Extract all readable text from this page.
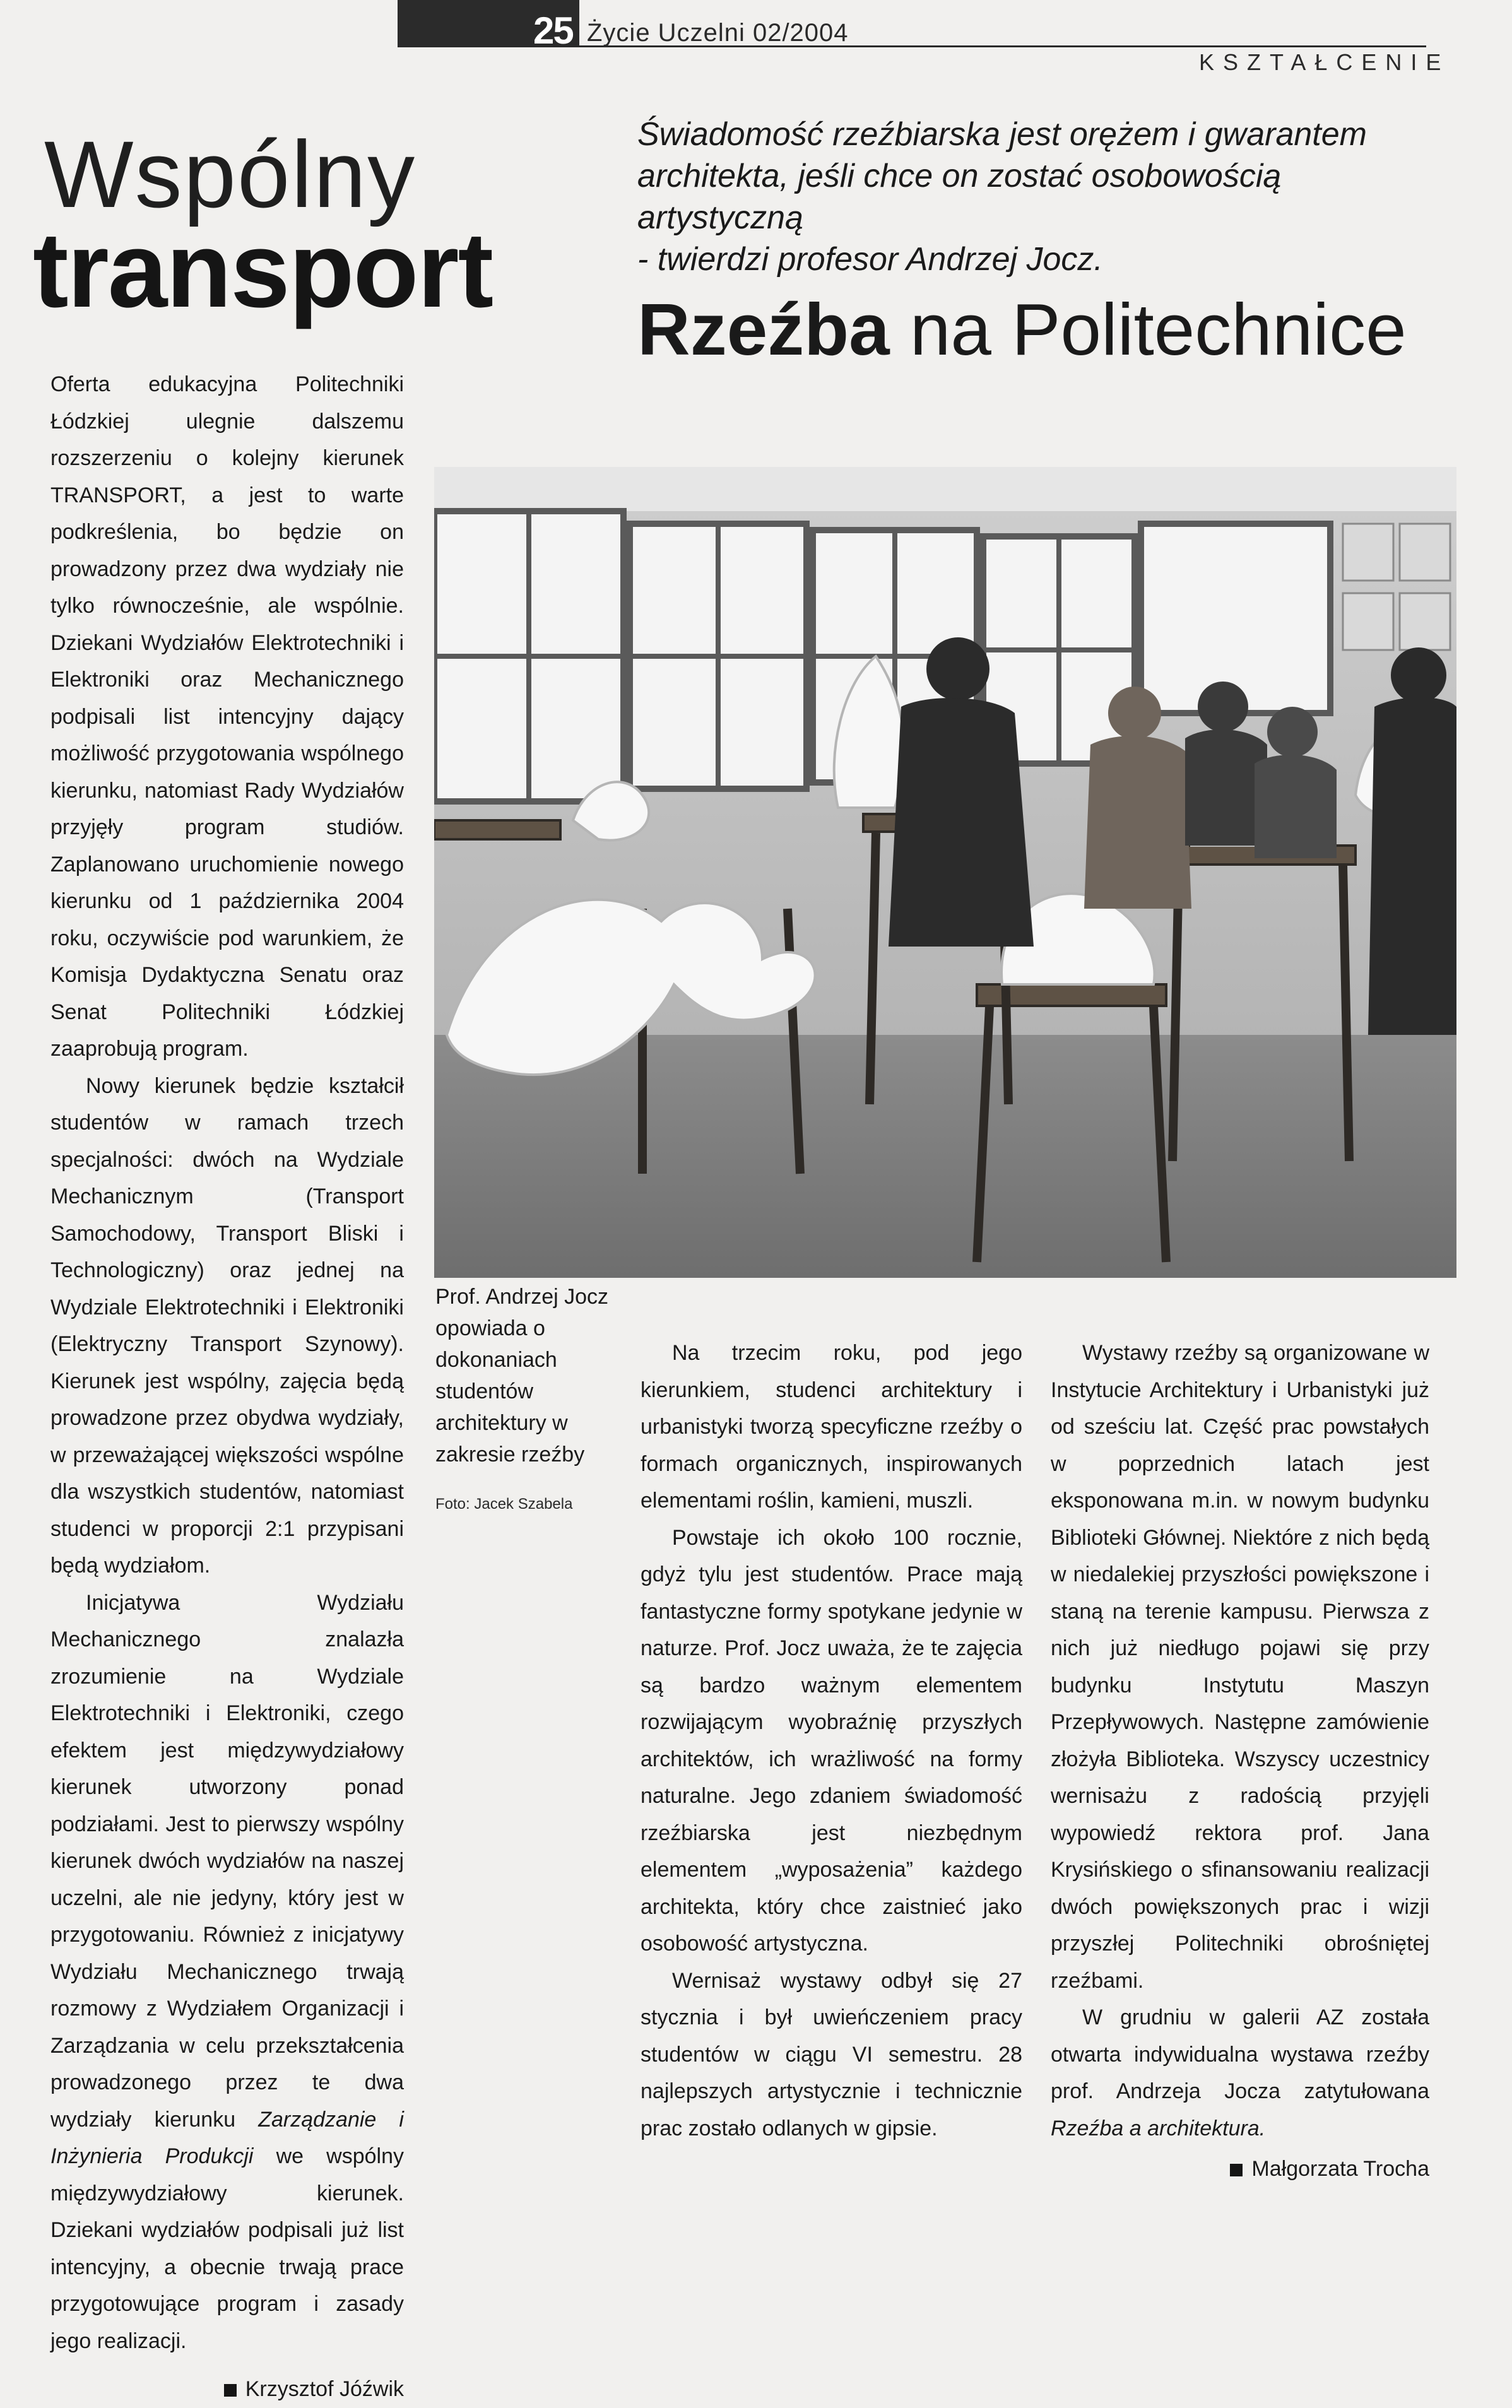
25 Życie Uczelni 02/2004
KSZTAŁCENIE
Wspólny
transport

Oferta edukacyjna Politechniki Łódzkiej ulegnie dalszemu rozszerzeniu o kolejny kierunek TRANSPORT, a jest to warte podkreślenia, bo będzie on prowadzony przez dwa wydziały nie tylko równocześnie, ale wspólnie. Dziekani Wydziałów Elektrotechniki i Elektroniki oraz Mechanicznego podpisali list intencyjny dający możliwość przygotowania wspólnego kierunku, natomiast Rady Wydziałów przyjęły program studiów. Zaplanowano uruchomienie nowego kierunku od 1 października 2004 roku, oczywiście pod warunkiem, że Komisja Dydaktyczna Senatu oraz Senat Politechniki Łódzkiej zaaprobują program.

Nowy kierunek będzie kształcił studentów w ramach trzech specjalności: dwóch na Wydziale Mechanicznym (Transport Samochodowy, Transport Bliski i Technologiczny) oraz jednej na Wydziale Elektrotechniki i Elektroniki (Elektryczny Transport Szynowy). Kierunek jest wspólny, zajęcia będą prowadzone przez obydwa wydziały, w przeważającej większości wspólne dla wszystkich studentów, natomiast studenci w proporcji 2:1 przypisani będą wydziałom.

Inicjatywa Wydziału Mechanicznego znalazła zrozumienie na Wydziale Elektrotechniki i Elektroniki, czego efektem jest międzywydziałowy kierunek utworzony ponad podziałami. Jest to pierwszy wspólny kierunek dwóch wydziałów na naszej uczelni, ale nie jedyny, który jest w przygotowaniu. Również z inicjatywy Wydziału Mechanicznego trwają rozmowy z Wydziałem Organizacji i Zarządzania w celu przekształcenia prowadzonego przez te dwa wydziały kierunku Zarządzanie i Inżynieria Produkcji we wspólny międzywydziałowy kierunek. Dziekani wydziałów podpisali już list intencyjny, a obecnie trwają prace przygotowujące program i zasady jego realizacji.

Krzysztof Jóźwik
Świadomość rzeźbiarska jest orężem i gwarantem architekta, jeśli chce on zostać osobowością artystyczną
- twierdzi profesor Andrzej Jocz.
Rzeźba na Politechnice
Prof. Andrzej Jocz opowiada o dokonaniach studentów architektury w zakresie rzeźby
Foto: Jacek Szabela

Na trzecim roku, pod jego kierunkiem, studenci architektury i urbanistyki tworzą specyficzne rzeźby o formach organicznych, inspirowanych elementami roślin, kamieni, muszli.

Powstaje ich około 100 rocznie, gdyż tylu jest studentów. Prace mają fantastyczne formy spotykane jedynie w naturze. Prof. Jocz uważa, że te zajęcia są bardzo ważnym elementem rozwijającym wyobraźnię przyszłych architektów, ich wrażliwość na formy naturalne. Jego zdaniem świadomość rzeźbiarska jest niezbędnym elementem „wyposażenia” każdego architekta, który chce zaistnieć jako osobowość artystyczna.

Wernisaż wystawy odbył się 27 stycznia i był uwieńczeniem pracy studentów w ciągu VI semestru. 28 najlepszych artystycznie i technicznie prac zostało odlanych w gipsie.

Wystawy rzeźby są organizowane w Instytucie Architektury i Urbanistyki już od sześciu lat. Część prac powstałych w poprzednich latach jest eksponowana m.in. w nowym budynku Biblioteki Głównej. Niektóre z nich będą w niedalekiej przyszłości powiększone i staną na terenie kampusu. Pierwsza z nich już niedługo pojawi się przy budynku Instytutu Maszyn Przepływowych. Następne zamówienie złożyła Biblioteka. Wszyscy uczestnicy wernisażu z radością przyjęli wypowiedź rektora prof. Jana Krysińskiego o sfinansowaniu realizacji dwóch powiększonych prac i wizji przyszłej Politechniki obrośniętej rzeźbami.

W grudniu w galerii AZ została otwarta indywidualna wystawa rzeźby prof. Andrzeja Jocza zatytułowana Rzeźba a architektura.

Małgorzata Trocha
